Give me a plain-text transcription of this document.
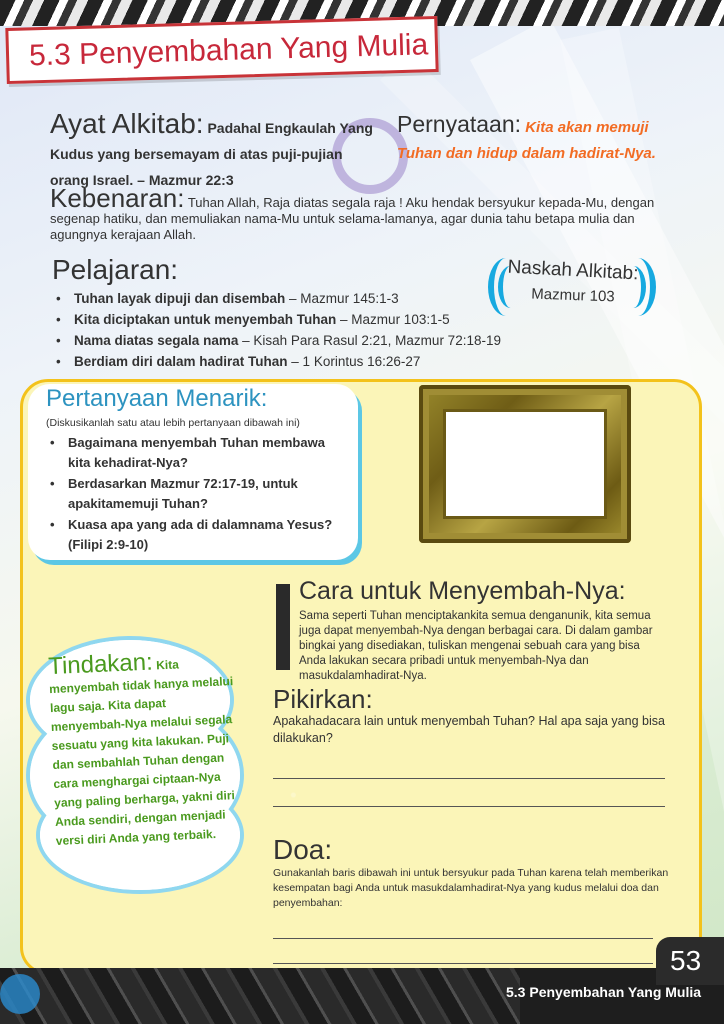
5.3 Penyembahan Yang Mulia
Ayat Alkitab: Padahal Engkaulah Yang Kudus yang bersemayam di atas puji-pujian orang Israel. – Mazmur 22:3
Pernyataan: Kita akan memuji Tuhan dan hidup dalam hadirat-Nya.
Kebenaran: Tuhan Allah, Raja diatas segala raja ! Aku hendak bersyukur kepada-Mu, dengan segenap hatiku, dan memuliakan nama-Mu untuk selama-lamanya, agar dunia tahu betapa mulia dan agungnya kerajaan Allah.
Pelajaran:
• Tuhan layak dipuji dan disembah – Mazmur 145:1-3
• Kita diciptakan untuk menyembah Tuhan – Mazmur 103:1-5
• Nama diatas segala nama – Kisah Para Rasul 2:21, Mazmur 72:18-19
• Berdiam diri dalam hadirat Tuhan – 1 Korintus 16:26-27
Naskah Alkitab:
Mazmur 103
Pertanyaan Menarik:
(Diskusikanlah satu atau lebih pertanyaan dibawah ini)
• Bagaimana menyembah Tuhan membawa kita kehadirat-Nya?
• Berdasarkan Mazmur 72:17-19, untuk apakitamemuji Tuhan?
• Kuasa apa yang ada di dalamnama Yesus? (Filipi 2:9-10)
Cara untuk Menyembah-Nya:
Sama seperti Tuhan menciptakankita semua denganunik, kita semua juga dapat menyembah-Nya dengan berbagai cara. Di dalam gambar bingkai yang disediakan, tuliskan mengenai sebuah cara yang bisa Anda lakukan secara pribadi untuk menyembah-Nya dan masukdalamhadirat-Nya.
Pikirkan:
Apakahadacara lain untuk menyembah Tuhan? Hal apa saja yang bisa dilakukan?
Doa:
Gunakanlah baris dibawah ini untuk bersyukur pada Tuhan karena telah memberikan kesempatan bagi Anda untuk masukdalamhadirat-Nya yang kudus melalui doa dan penyembahan:
Tindakan: Kita menyembah tidak hanya melalui lagu saja. Kita dapat menyembah-Nya melalui segala sesuatu yang kita lakukan. Puji dan sembahlah Tuhan dengan cara menghargai ciptaan-Nya yang paling berharga, yakni diri Anda sendiri, dengan menjadi versi diri Anda yang terbaik.
53
5.3 Penyembahan Yang Mulia
